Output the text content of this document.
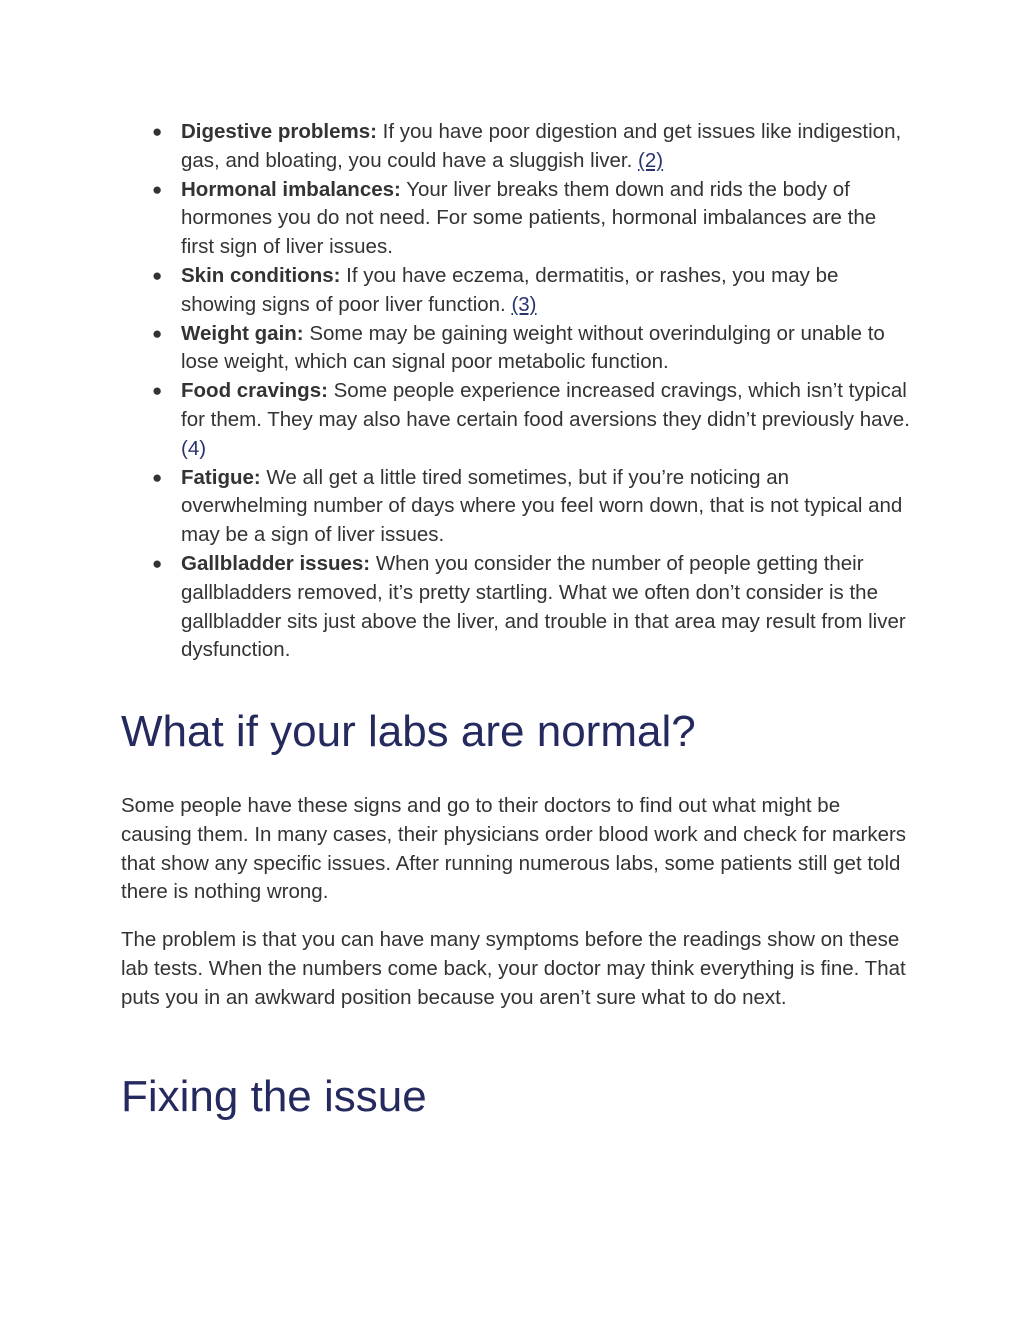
● Digestive problems: If you have poor digestion and get issues like indigestion, gas, and bloating, you could have a sluggish liver. (2)
● Hormonal imbalances: Your liver breaks them down and rids the body of hormones you do not need. For some patients, hormonal imbalances are the first sign of liver issues.
● Skin conditions: If you have eczema, dermatitis, or rashes, you may be showing signs of poor liver function. (3)
● Weight gain: Some may be gaining weight without overindulging or unable to lose weight, which can signal poor metabolic function.
● Food cravings: Some people experience increased cravings, which isn’t typical for them. They may also have certain food aversions they didn’t previously have. (4)
● Fatigue: We all get a little tired sometimes, but if you’re noticing an overwhelming number of days where you feel worn down, that is not typical and may be a sign of liver issues.
● Gallbladder issues: When you consider the number of people getting their gallbladders removed, it’s pretty startling. What we often don’t consider is the gallbladder sits just above the liver, and trouble in that area may result from liver dysfunction.
What if your labs are normal?

Some people have these signs and go to their doctors to find out what might be causing them. In many cases, their physicians order blood work and check for markers that show any specific issues. After running numerous labs, some patients still get told there is nothing wrong.

The problem is that you can have many symptoms before the readings show on these lab tests. When the numbers come back, your doctor may think everything is fine. That puts you in an awkward position because you aren’t sure what to do next.

Fixing the issue
